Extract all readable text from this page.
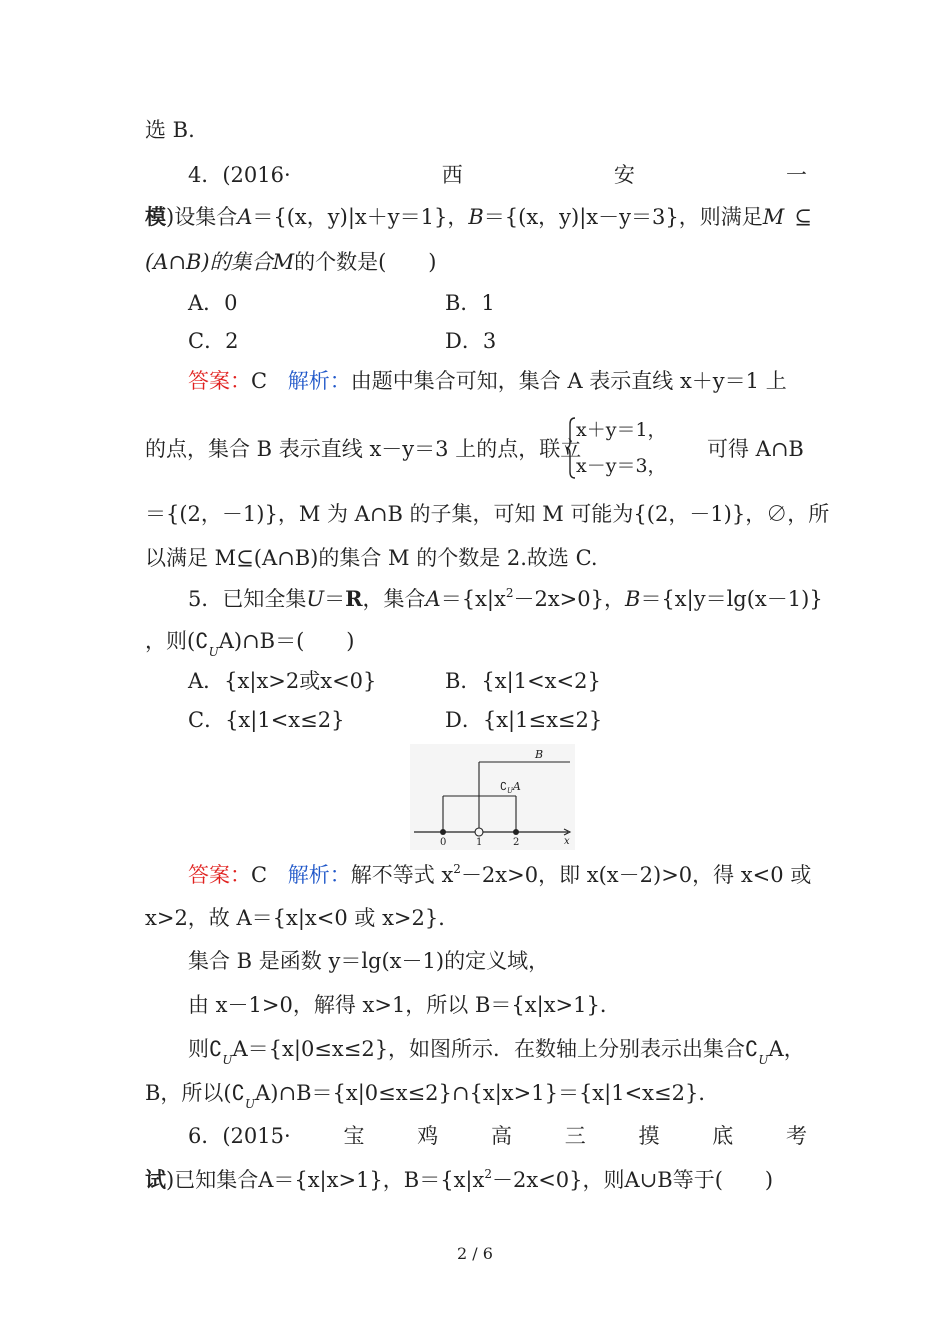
选 B.
4．(2016·	西	安	一
模)设集合A＝{(x，y)|x＋y＝1}，B＝{(x，y)|x－y＝3}，则满足M ⊆
(A∩B)的集合M的个数是(　　)
A．0	B．1
C．2	D．3
答案：C 解析：由题中集合可知，集合 A 表示直线 x＋y＝1 上
的点，集合 B 表示直线 x－y＝3 上的点，联立
x＋y＝1，
x－y＝3，
可得 A∩B
＝{(2，－1)}，M 为 A∩B 的子集，可知 M 可能为{(2，－1)}，∅，所
以满足 M⊆(A∩B)的集合 M 的个数是 2.故选 C.
5．已知全集U＝R，集合$A=\{x|x^2-2x>0\}$，B＝{x|y＝lg(x－1)}
，则$(∁_UA)\cap B=$(　　)
A．{x|x>2或x<0}	B．{x|1<x<2}
C．{x|1<x≤2}	D．{x|1≤x≤2}
B
$∁_UA$
0	1	2	x
答案：C 解析：解不等式 $x^2-2x>0$，即 x(x－2)>0，得 x<0 或
x>2，故 A＝{x|x<0 或 x>2}．
集合 B 是函数 y＝lg(x－1)的定义域，
由 x－1>0，解得 x>1，所以 B＝{x|x>1}．
则$∁_UA=\{x|0\le x\le 2\}$，如图所示．在数轴上分别表示出集合$∁_UA$，
B，所以$(∁_UA)\cap B=\{x|0\le x\le 2\}\cap\{x|x>1\}=\{x|1<x\le 2\}$．
6．(2015·	宝	鸡	高	三	摸	底	考
试)已知集合A＝{x|x>1}，$B=\{x|x^2-2x<0\}$，则A∪B等于(　　)
2 / 6
